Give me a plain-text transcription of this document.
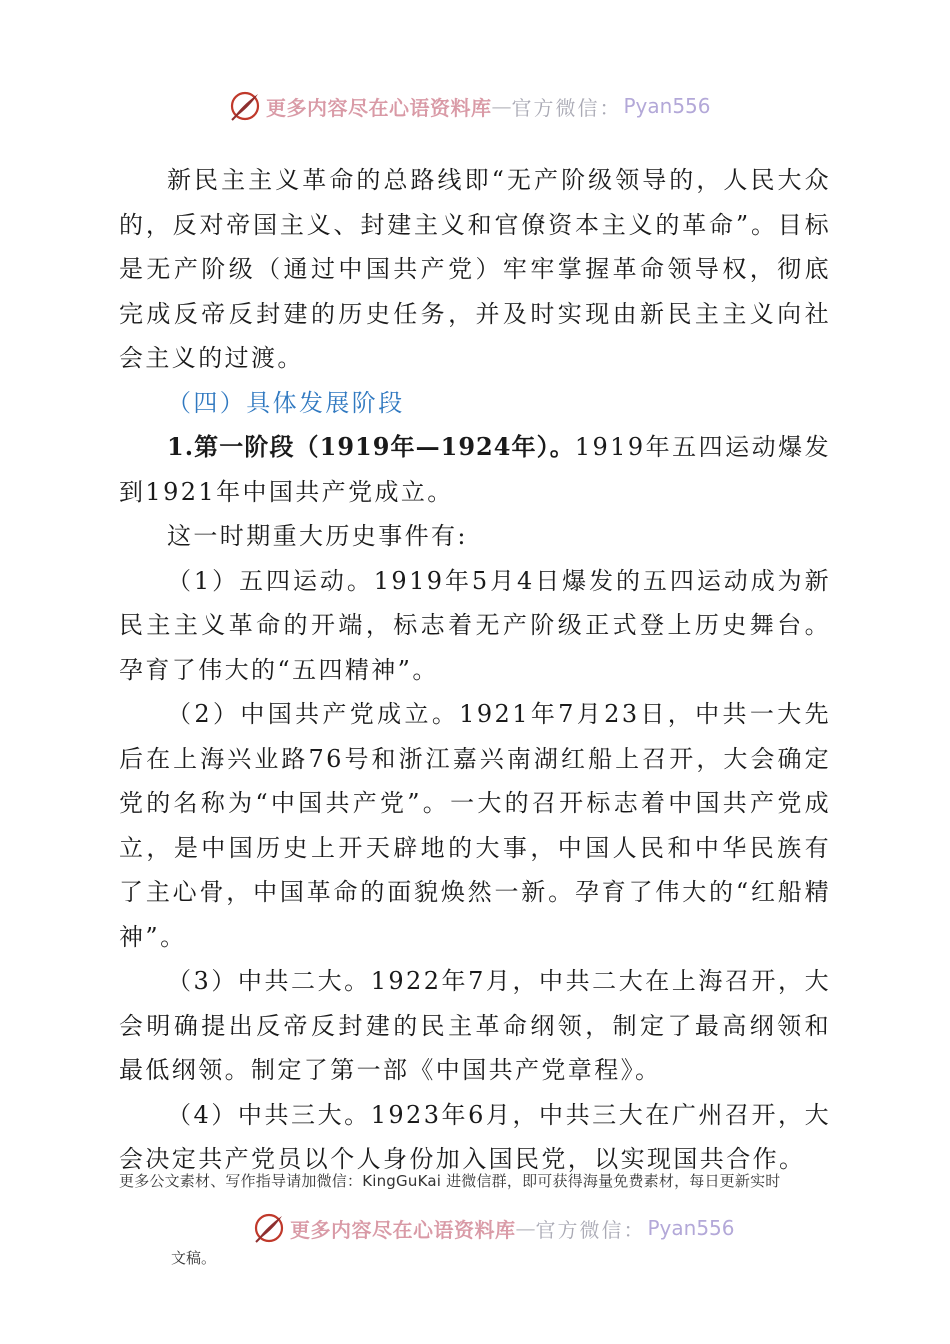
更多内容尽在心语资料库 — 官方微信： Pyan556

新民主主义革命的总路线即“无产阶级领导的，人民大众的，反对帝国主义、封建主义和官僚资本主义的革命”。目标是无产阶级（通过中国共产党）牢牢掌握革命领导权，彻底完成反帝反封建的历史任务，并及时实现由新民主主义向社会主义的过渡。

（四）具体发展阶段

1.第一阶段（1919年—1924年）。1919年五四运动爆发到1921年中国共产党成立。

这一时期重大历史事件有:

（1）五四运动。1919年5月4日爆发的五四运动成为新民主主义革命的开端，标志着无产阶级正式登上历史舞台。孕育了伟大的“五四精神”。

（2）中国共产党成立。1921年7月23日，中共一大先后在上海兴业路76号和浙江嘉兴南湖红船上召开，大会确定党的名称为“中国共产党”。一大的召开标志着中国共产党成立，是中国历史上开天辟地的大事，中国人民和中华民族有了主心骨，中国革命的面貌焕然一新。孕育了伟大的“红船精神”。

（3）中共二大。1922年7月，中共二大在上海召开，大会明确提出反帝反封建的民主革命纲领，制定了最高纲领和最低纲领。制定了第一部《中国共产党章程》。

（4）中共三大。1923年6月，中共三大在广州召开，大会决定共产党员以个人身份加入国民党，以实现国共合作。

更多公文素材、写作指导请加微信：KingGuKai 进微信群，即可获得海量免费素材，每日更新实时
更多内容尽在心语资料库 — 官方微信： Pyan556
文稿。
